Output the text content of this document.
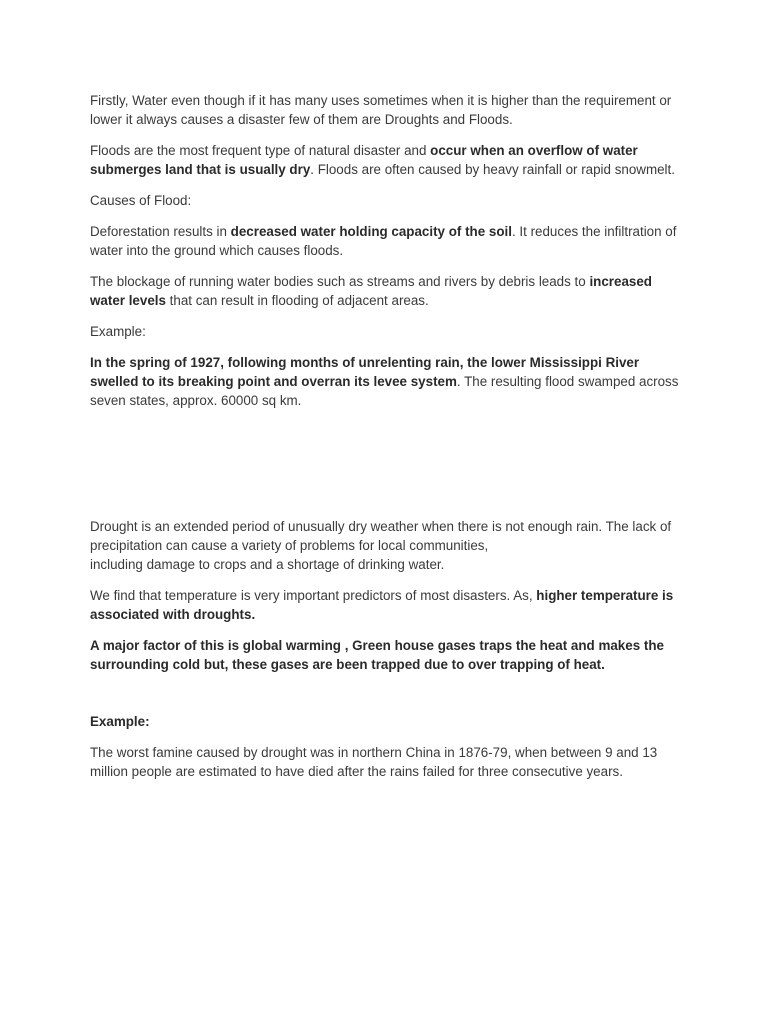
Firstly, Water even though if it has many uses sometimes when it is higher than the requirement or lower it always causes a disaster few of them are Droughts and Floods.

Floods are the most frequent type of natural disaster and occur when an overflow of water submerges land that is usually dry. Floods are often caused by heavy rainfall or rapid snowmelt.

Causes of Flood:

Deforestation results in decreased water holding capacity of the soil. It reduces the infiltration of water into the ground which causes floods.

The blockage of running water bodies such as streams and rivers by debris leads to increased water levels that can result in flooding of adjacent areas.

Example:

In the spring of 1927, following months of unrelenting rain, the lower Mississippi River swelled to its breaking point and overran its levee system. The resulting flood swamped across seven states, approx. 60000 sq km.

Drought is an extended period of unusually dry weather when there is not enough rain. The lack of precipitation can cause a variety of problems for local communities,
including damage to crops and a shortage of drinking water.

We find that temperature is very important predictors of most disasters. As, higher temperature is associated with droughts.

A major factor of this is global warming , Green house gases traps the heat and makes the surrounding cold but, these gases are been trapped due to over trapping of heat.

Example:

The worst famine caused by drought was in northern China in 1876-79, when between 9 and 13 million people are estimated to have died after the rains failed for three consecutive years.
